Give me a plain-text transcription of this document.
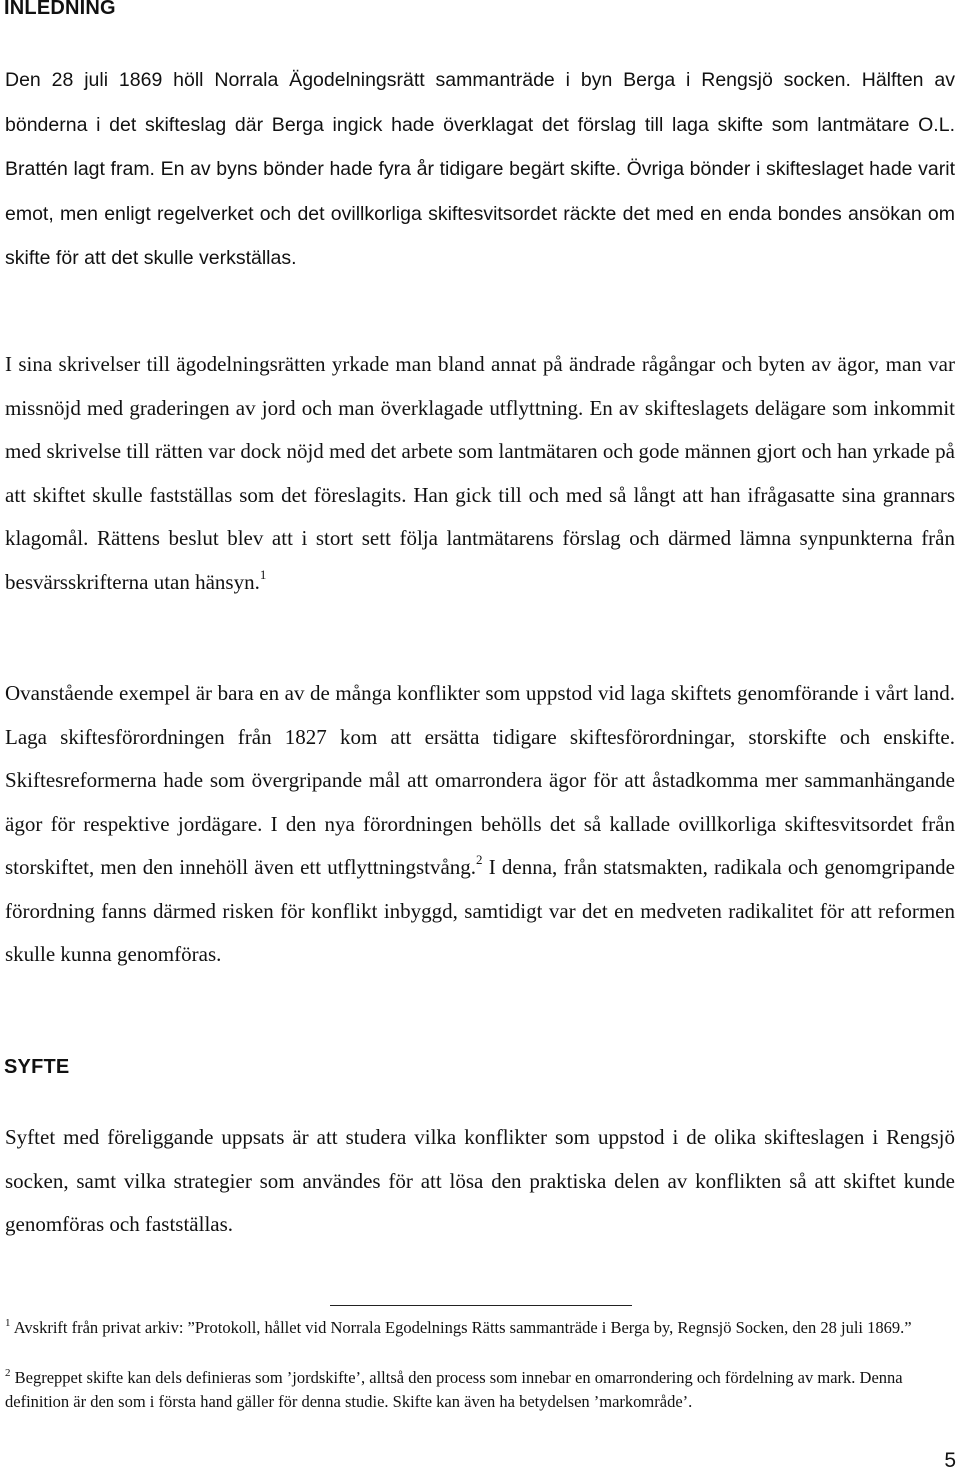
INLEDNING

Den 28 juli 1869 höll Norrala Ägodelningsrätt sammanträde i byn Berga i Rengsjö socken. Hälften av bönderna i det skifteslag där Berga ingick hade överklagat det förslag till laga skifte som lantmätare O.L. Brattén lagt fram. En av byns bönder hade fyra år tidigare begärt skifte. Övriga bönder i skifteslaget hade varit emot, men enligt regelverket och det ovillkorliga skiftesvitsordet räckte det med en enda bondes ansökan om skifte för att det skulle verkställas.

I sina skrivelser till ägodelningsrätten yrkade man bland annat på ändrade rågångar och byten av ägor, man var missnöjd med graderingen av jord och man överklagade utflyttning. En av skifteslagets delägare som inkommit med skrivelse till rätten var dock nöjd med det arbete som lantmätaren och gode männen gjort och han yrkade på att skiftet skulle fastställas som det föreslagits. Han gick till och med så långt att han ifrågasatte sina grannars klagomål. Rättens beslut blev att i stort sett följa lantmätarens förslag och därmed lämna synpunkterna från besvärsskrifterna utan hänsyn.$^1$

Ovanstående exempel är bara en av de många konflikter som uppstod vid laga skiftets genomförande i vårt land. Laga skiftesförordningen från 1827 kom att ersätta tidigare skiftesförordningar, storskifte och enskifte. Skiftesreformerna hade som övergripande mål att omarrondera ägor för att åstadkomma mer sammanhängande ägor för respektive jordägare. I den nya förordningen behölls det så kallade ovillkorliga skiftesvitsordet från storskiftet, men den innehöll även ett utflyttningstvång.$^2$ I denna, från statsmakten, radikala och genomgripande förordning fanns därmed risken för konflikt inbyggd, samtidigt var det en medveten radikalitet för att reformen skulle kunna genomföras.

SYFTE

Syftet med föreliggande uppsats är att studera vilka konflikter som uppstod i de olika skifteslagen i Rengsjö socken, samt vilka strategier som användes för att lösa den praktiska delen av konflikten så att skiftet kunde genomföras och fastställas.

$^1$ Avskrift från privat arkiv: ”Protokoll, hållet vid Norrala Egodelnings Rätts sammanträde i Berga by, Regnsjö Socken, den 28 juli 1869.”

$^2$ Begreppet skifte kan dels definieras som ’jordskifte’, alltså den process som innebar en omarrondering och fördelning av mark. Denna definition är den som i första hand gäller för denna studie. Skifte kan även ha betydelsen ’markområde’.

5
